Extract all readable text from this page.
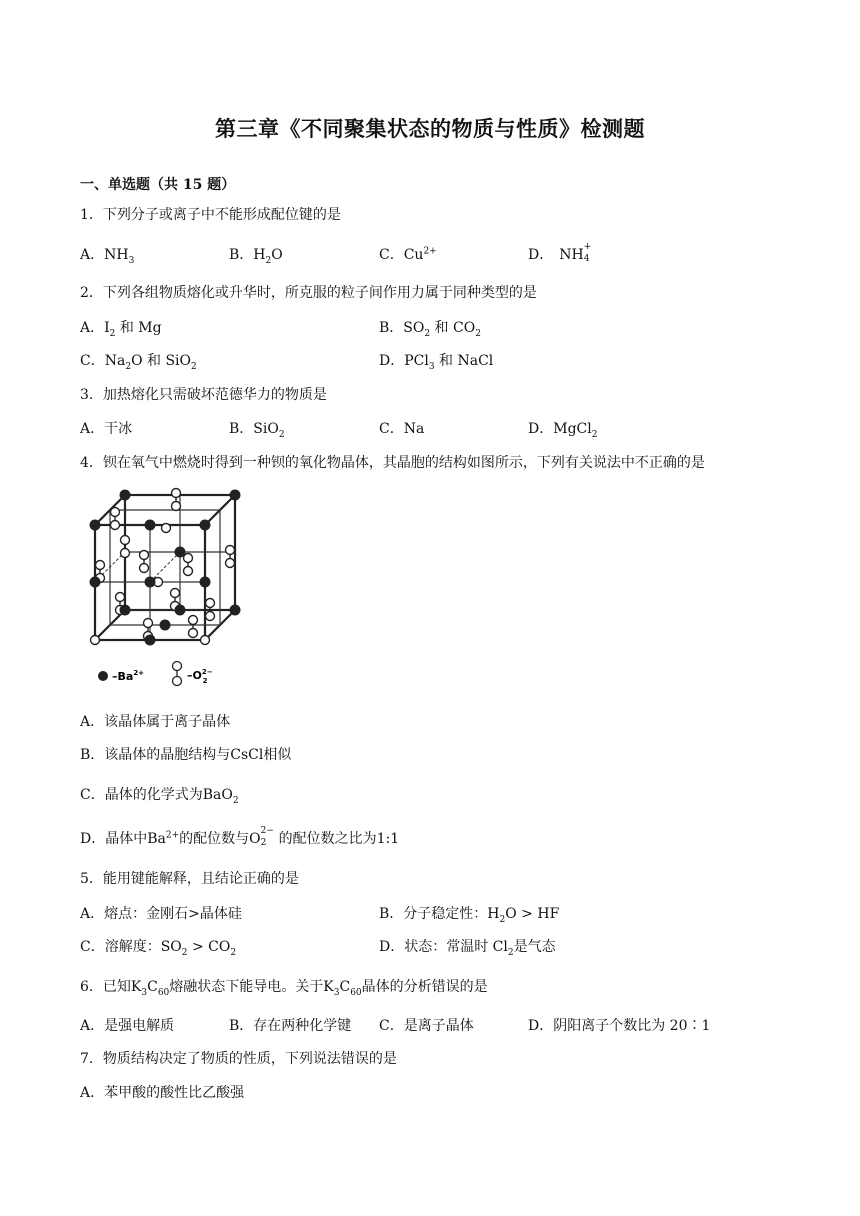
第三章《不同聚集状态的物质与性质》检测题
一、单选题（共 15 题）
1．下列分子或离子中不能形成配位键的是
A．$NH_3$	B．$H_2O$	C．$Cu^{2+}$	D． NH +
4
2．下列各组物质熔化或升华时，所克服的粒子间作用力属于同种类型的是
A．$I_2$ 和 Mg	B．$SO_2$ 和 $CO_2$
C．$Na_2O$ 和 SiO$_2$	D．PCl$_3$ 和 NaCl
3．加热熔化只需破坏范德华力的物质是
A．干冰	B．SiO$_2$	C．Na	D．MgCl$_2$
4．钡在氧气中燃烧时得到一种钡的氧化物晶体，其晶胞的结构如图所示，下列有关说法中不正确的是
$-Ba^{2+}$	$-O^{2-}$ 2
A．该晶体属于离子晶体
B．该晶体的晶胞结构与CsCl相似
C．晶体的化学式为BaO$_2$
D．晶体中$Ba^{2+}$的配位数与O 2−
2 的配位数之比为1:1
5．能用键能解释，且结论正确的是
A．熔点：金刚石>晶体硅	B．分子稳定性：$H_2O$ > HF
C．溶解度：$SO_2 > CO_2$	D．状态：常温时 $Cl_2$是气态
6．已知$K_3C_{60}$熔融状态下能导电。关于$K_3C_{60}$晶体的分析错误的是
A．是强电解质	B．存在两种化学键 C．是离子晶体	D．阴阳离子个数比为 20∶1
7．物质结构决定了物质的性质，下列说法错误的是
A．苯甲酸的酸性比乙酸强
